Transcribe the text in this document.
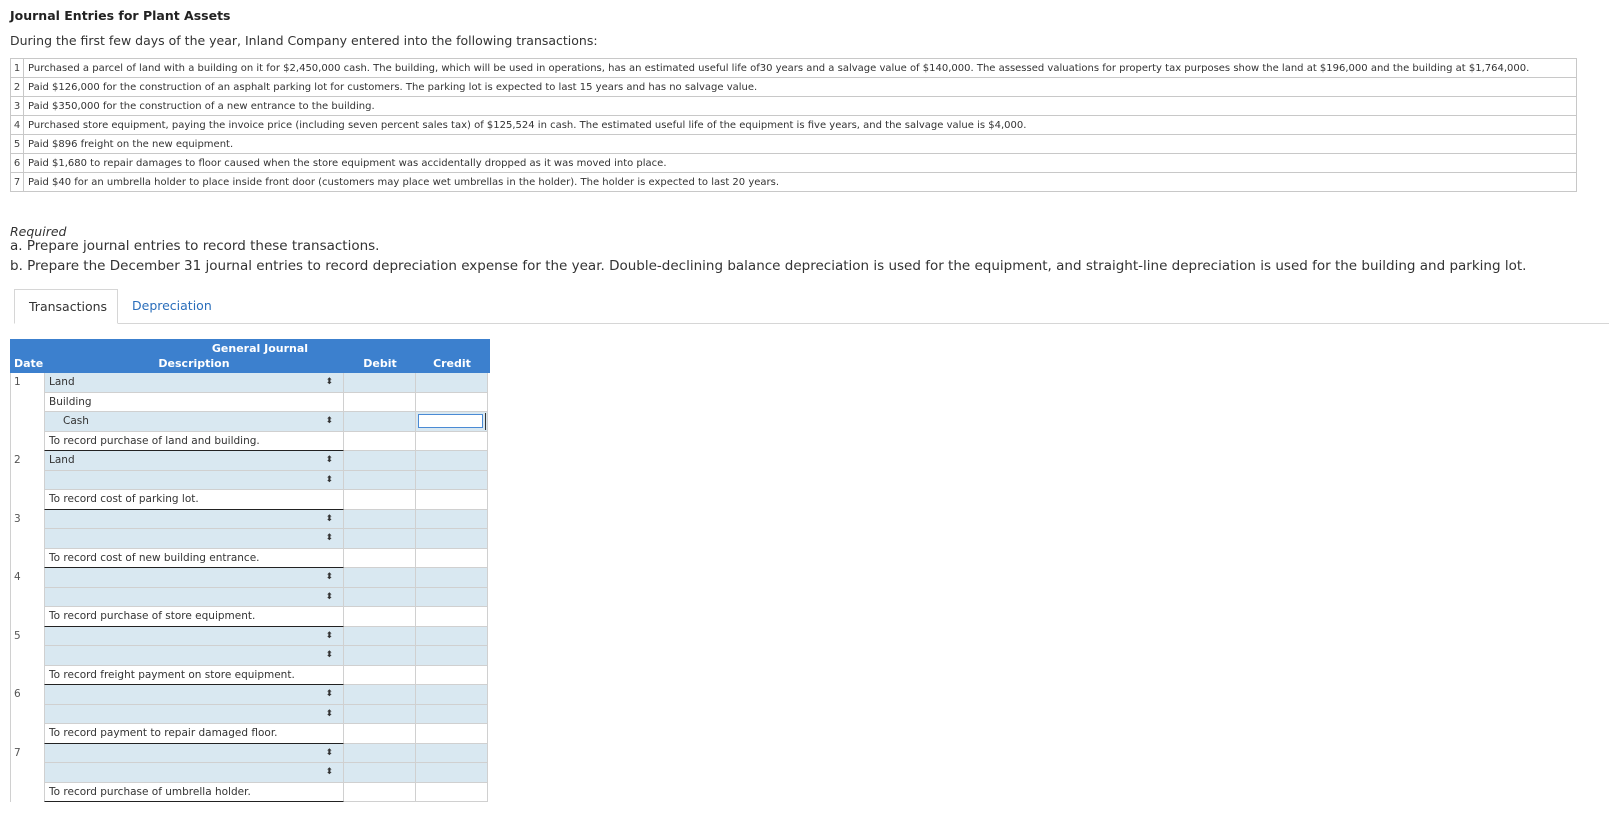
Journal Entries for Plant Assets
During the first few days of the year, Inland Company entered into the following transactions:
1	Purchased a parcel of land with a building on it for $2,450,000 cash. The building, which will be used in operations, has an estimated useful life of30 years and a salvage value of $140,000. The assessed valuations for property tax purposes show the land at $196,000 and the building at $1,764,000.
2	Paid $126,000 for the construction of an asphalt parking lot for customers. The parking lot is expected to last 15 years and has no salvage value.
3	Paid $350,000 for the construction of a new entrance to the building.
4	Purchased store equipment, paying the invoice price (including seven percent sales tax) of $125,524 in cash. The estimated useful life of the equipment is five years, and the salvage value is $4,000.
5	Paid $896 freight on the new equipment.
6	Paid $1,680 to repair damages to floor caused when the store equipment was accidentally dropped as it was moved into place.
7	Paid $40 for an umbrella holder to place inside front door (customers may place wet umbrellas in the holder). The holder is expected to last 20 years.
Required
a. Prepare journal entries to record these transactions.
b. Prepare the December 31 journal entries to record depreciation expense for the year. Double-declining balance depreciation is used for the equipment, and straight-line depreciation is used for the building and parking lot.
Transactions	Depreciation
General Journal
Date	Description	Debit	Credit
1	Land	⬍
Building
Cash	⬍
To record purchase of land and building.
2	Land	⬍
⬍
To record cost of parking lot.
3	⬍
⬍
To record cost of new building entrance.
4	⬍
⬍
To record purchase of store equipment.
5	⬍
⬍
To record freight payment on store equipment.
6	⬍
⬍
To record payment to repair damaged floor.
7	⬍
⬍
To record purchase of umbrella holder.
